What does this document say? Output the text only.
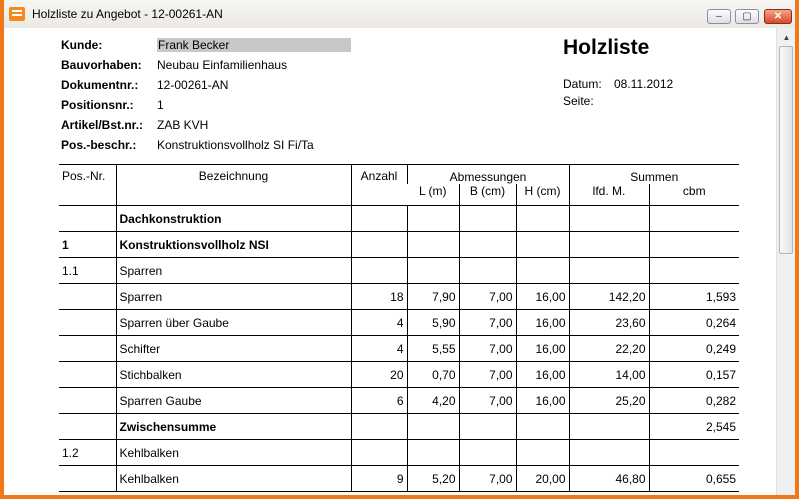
Holzliste zu Angebot - 12-00261-AN	‒	▢	✕
Kunde:	Frank Becker
Bauvorhaben: Neubau Einfamilienhaus
Dokumentnr.: 12-00261-AN
Positionsnr.: 1
Artikel/Bst.nr.: ZAB KVH
Pos.-beschr.: Konstruktionsvollholz SI Fi/Ta
Holzliste
Datum: 08.11.2012
Seite:
Pos.-Nr.	Bezeichnung	Anzahl	Abmessungen			Summen	
			L (m)	B (cm)	H (cm)	lfd. M.	cbm
	Dachkonstruktion						
1	Konstruktionsvollholz NSI						
1.1	Sparren						
	Sparren	18	7,90	7,00	16,00	142,20	1,593
	Sparren über Gaube	4	5,90	7,00	16,00	23,60	0,264
	Schifter	4	5,55	7,00	16,00	22,20	0,249
	Stichbalken	20	0,70	7,00	16,00	14,00	0,157
	Sparren Gaube	6	4,20	7,00	16,00	25,20	0,282
	Zwischensumme						2,545
1.2	Kehlbalken						
	Kehlbalken	9	5,20	7,00	20,00	46,80	0,655
▲
